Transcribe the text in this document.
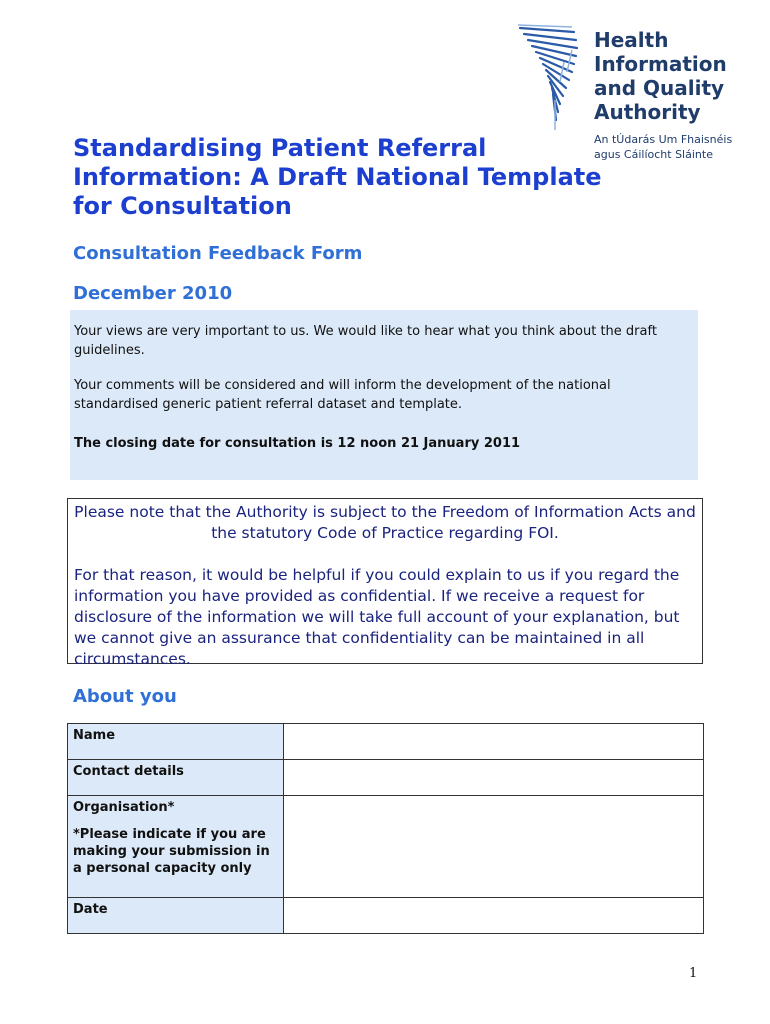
Health
Information
and Quality
Authority
An tÚdarás Um Fhaisnéis
agus Cáilíocht Sláinte
Standardising Patient Referral
Information: A Draft National Template
for Consultation
Consultation Feedback Form
December 2010

Your views are very important to us. We would like to hear what you think about the draft guidelines.

Your comments will be considered and will inform the development of the national standardised generic patient referral dataset and template.

The closing date for consultation is 12 noon 21 January 2011

Please note that the Authority is subject to the Freedom of Information Acts and the statutory Code of Practice regarding FOI.
For that reason, it would be helpful if you could explain to us if you regard the information you have provided as confidential. If we receive a request for disclosure of the information we will take full account of your explanation, but we cannot give an assurance that confidentiality can be maintained in all circumstances.
About you
Name	
Contact details	

Organisation*
*Please indicate if you are making your submission in a personal capacity only	

Date	
1
